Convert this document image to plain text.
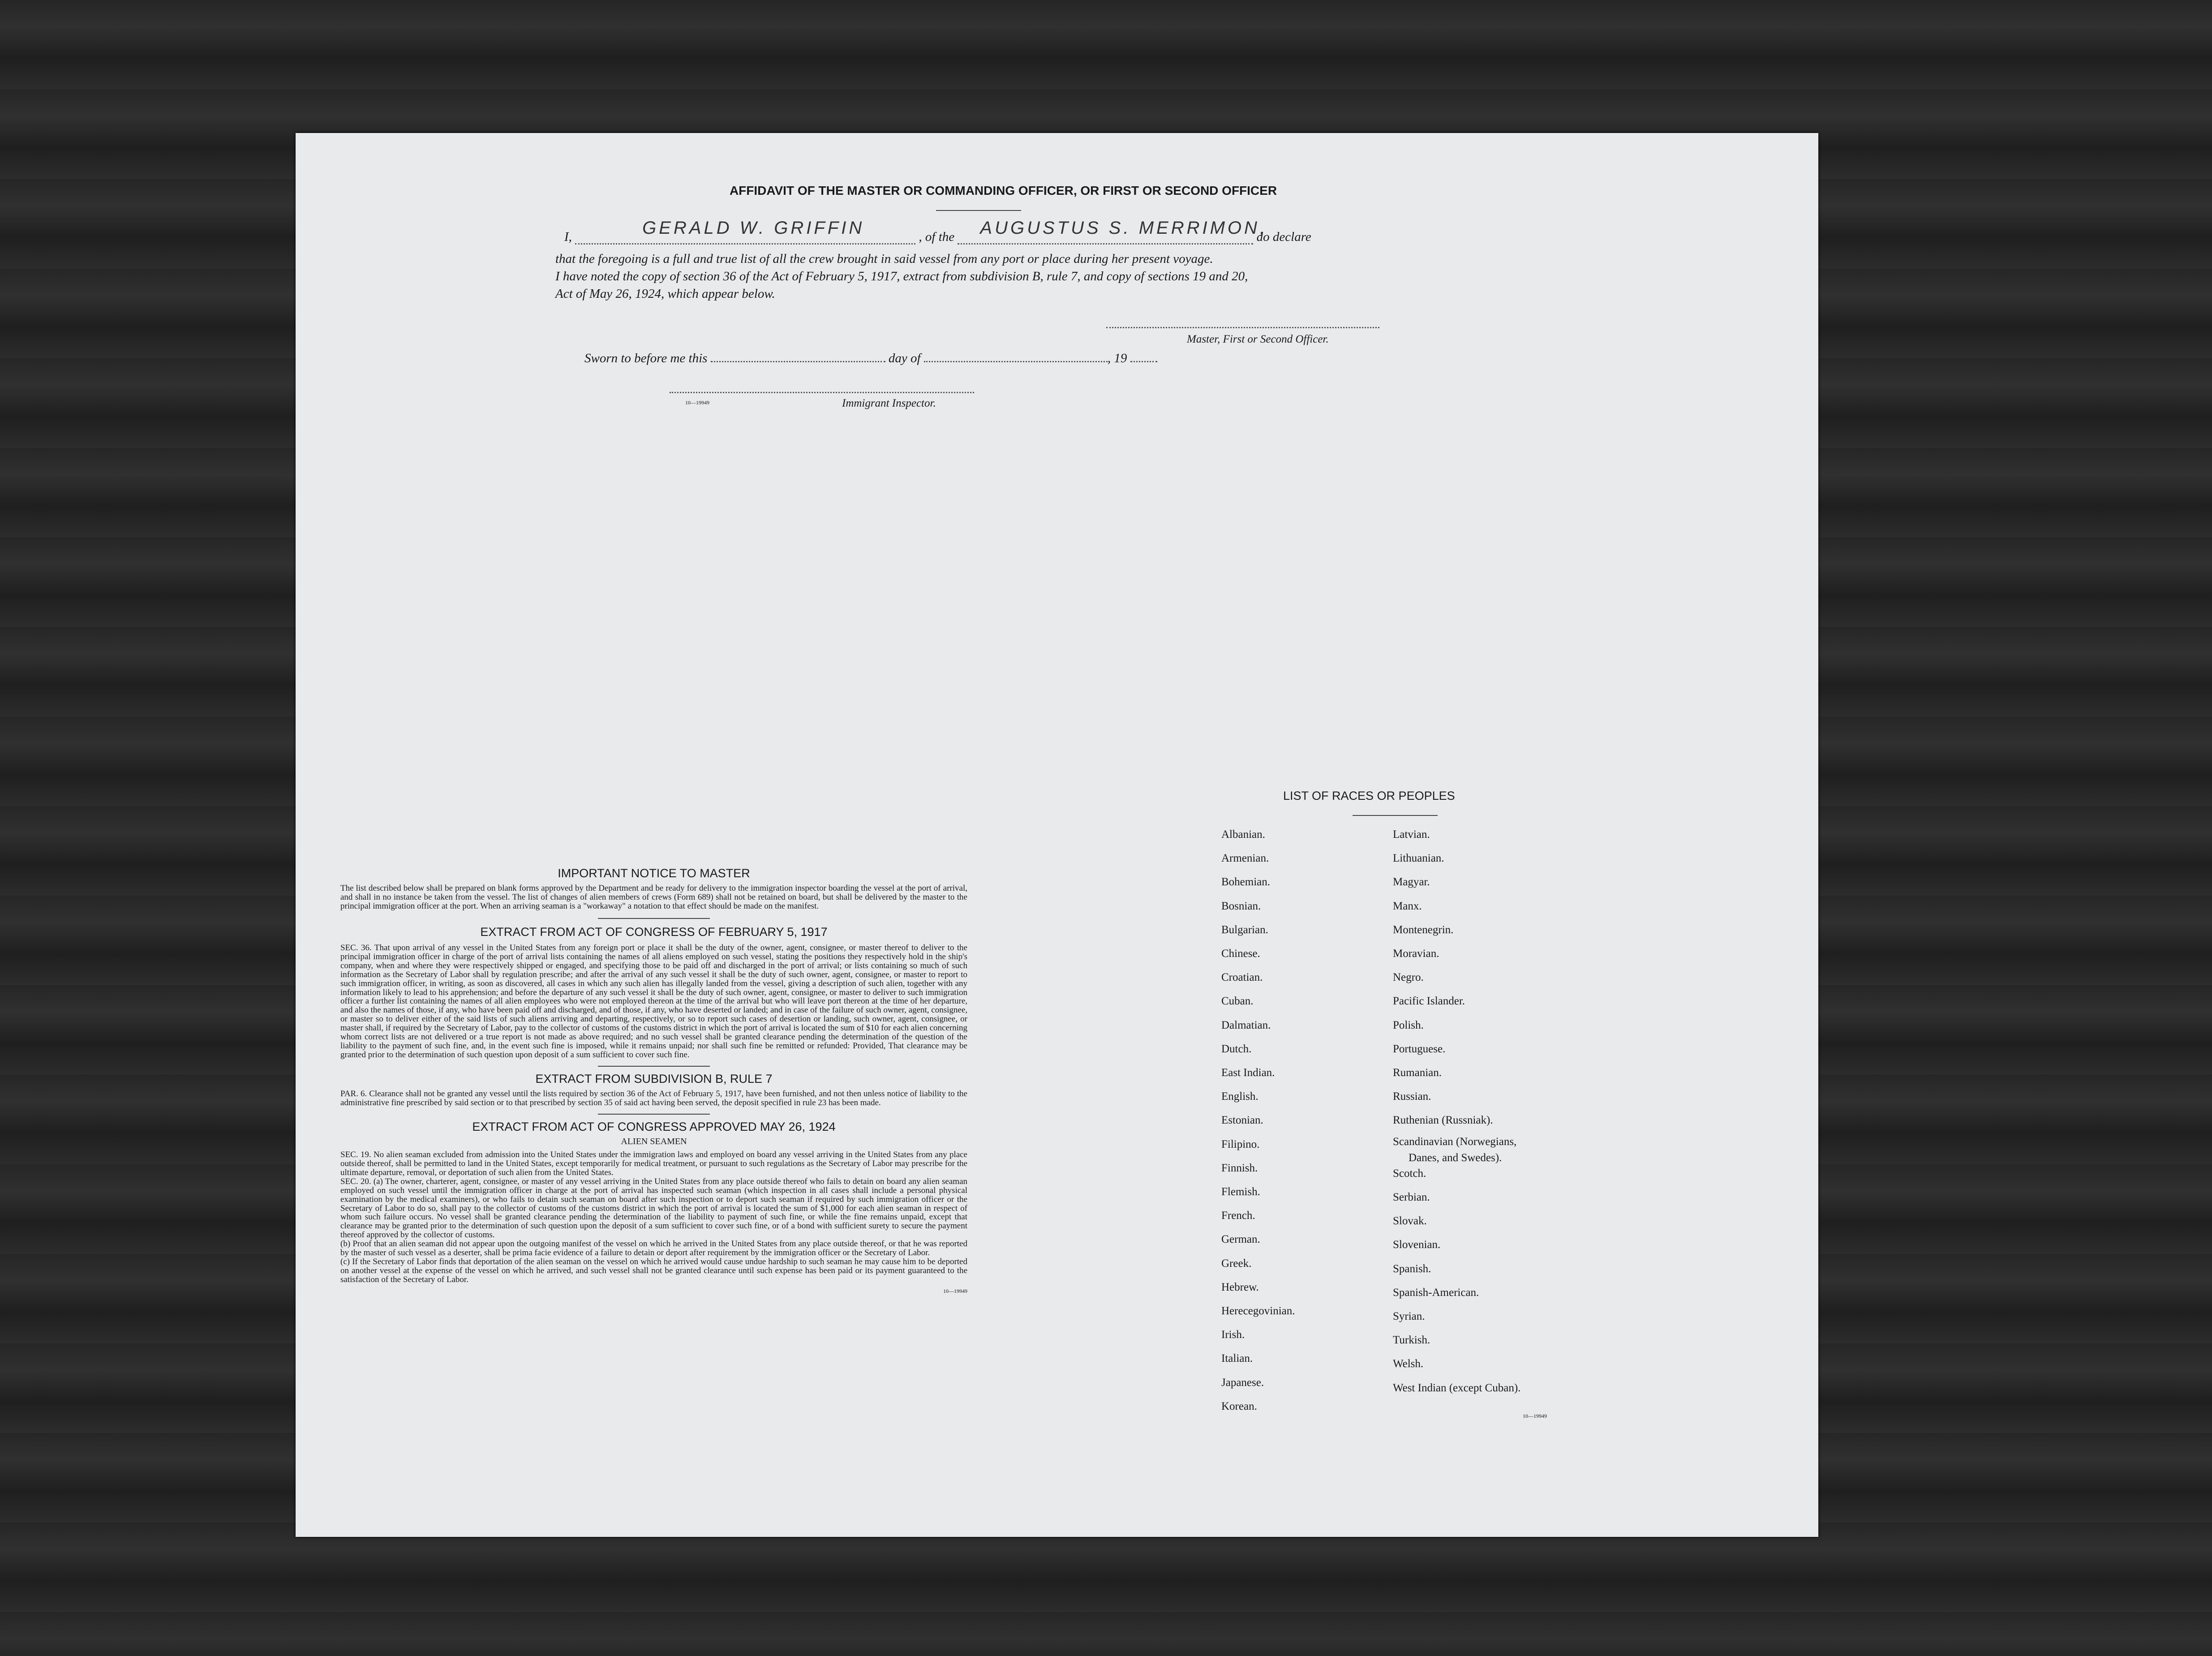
AFFIDAVIT OF THE MASTER OR COMMANDING OFFICER, OR FIRST OR SECOND OFFICER
I,	GERALD W. GRIFFIN	, of the AUGUSTUS S. MERRIMON,
do declare
that the foregoing is a full and true list of all the crew brought in said vessel from any port or place during her present voyage.
I have noted the copy of section 36 of the Act of February 5, 1917, extract from subdivision B, rule 7, and copy of sections 19 and 20,
Act of May 26, 1924, which appear below.
Master, First or Second Officer.
Sworn to before me this	day of	, 19
10—19949	Immigrant Inspector.
IMPORTANT NOTICE TO MASTER

The list described below shall be prepared on blank forms approved by the Department and be ready for delivery to the immigration inspector boarding the vessel at the port of arrival, and shall in no instance be taken from the vessel. The list of changes of alien members of crews (Form 689) shall not be retained on board, but shall be delivered by the master to the principal immigration officer at the port. When an arriving seaman is a "workaway" a notation to that effect should be made on the manifest.

EXTRACT FROM ACT OF CONGRESS OF FEBRUARY 5, 1917

SEC. 36. That upon arrival of any vessel in the United States from any foreign port or place it shall be the duty of the owner, agent, consignee, or master thereof to deliver to the principal immigration officer in charge of the port of arrival lists containing the names of all aliens employed on such vessel, stating the positions they respectively hold in the ship's company, when and where they were respectively shipped or engaged, and specifying those to be paid off and discharged in the port of arrival; or lists containing so much of such information as the Secretary of Labor shall by regulation prescribe; and after the arrival of any such vessel it shall be the duty of such owner, agent, consignee, or master to report to such immigration officer, in writing, as soon as discovered, all cases in which any such alien has illegally landed from the vessel, giving a description of such alien, together with any information likely to lead to his apprehension; and before the departure of any such vessel it shall be the duty of such owner, agent, consignee, or master to deliver to such immigration officer a further list containing the names of all alien employees who were not employed thereon at the time of the arrival but who will leave port thereon at the time of her departure, and also the names of those, if any, who have been paid off and discharged, and of those, if any, who have deserted or landed; and in case of the failure of such owner, agent, consignee, or master so to deliver either of the said lists of such aliens arriving and departing, respectively, or so to report such cases of desertion or landing, such owner, agent, consignee, or master shall, if required by the Secretary of Labor, pay to the collector of customs of the customs district in which the port of arrival is located the sum of $10 for each alien concerning whom correct lists are not delivered or a true report is not made as above required; and no such vessel shall be granted clearance pending the determination of the question of the liability to the payment of such fine, and, in the event such fine is imposed, while it remains unpaid; nor shall such fine be remitted or refunded: Provided, That clearance may be granted prior to the determination of such question upon deposit of a sum sufficient to cover such fine.

EXTRACT FROM SUBDIVISION B, RULE 7

PAR. 6. Clearance shall not be granted any vessel until the lists required by section 36 of the Act of February 5, 1917, have been furnished, and not then unless notice of liability to the administrative fine prescribed by said section or to that prescribed by section 35 of said act having been served, the deposit specified in rule 23 has been made.

EXTRACT FROM ACT OF CONGRESS APPROVED MAY 26, 1924
ALIEN SEAMEN

SEC. 19. No alien seaman excluded from admission into the United States under the immigration laws and employed on board any vessel arriving in the United States from any place outside thereof, shall be permitted to land in the United States, except temporarily for medical treatment, or pursuant to such regulations as the Secretary of Labor may prescribe for the ultimate departure, removal, or deportation of such alien from the United States.

SEC. 20. (a) The owner, charterer, agent, consignee, or master of any vessel arriving in the United States from any place outside thereof who fails to detain on board any alien seaman employed on such vessel until the immigration officer in charge at the port of arrival has inspected such seaman (which inspection in all cases shall include a personal physical examination by the medical examiners), or who fails to detain such seaman on board after such inspection or to deport such seaman if required by such immigration officer or the Secretary of Labor to do so, shall pay to the collector of customs of the customs district in which the port of arrival is located the sum of $1,000 for each alien seaman in respect of whom such failure occurs. No vessel shall be granted clearance pending the determination of the liability to payment of such fine, or while the fine remains unpaid, except that clearance may be granted prior to the determination of such question upon the deposit of a sum sufficient to cover such fine, or of a bond with sufficient surety to secure the payment thereof approved by the collector of customs.

(b) Proof that an alien seaman did not appear upon the outgoing manifest of the vessel on which he arrived in the United States from any place outside thereof, or that he was reported by the master of such vessel as a deserter, shall be prima facie evidence of a failure to detain or deport after requirement by the immigration officer or the Secretary of Labor.

(c) If the Secretary of Labor finds that deportation of the alien seaman on the vessel on which he arrived would cause undue hardship to such seaman he may cause him to be deported on another vessel at the expense of the vessel on which he arrived, and such vessel shall not be granted clearance until such expense has been paid or its payment guaranteed to the satisfaction of the Secretary of Labor.

10—19949
LIST OF RACES OR PEOPLES
10—19949
Albanian.
Armenian.
Bohemian.
Bosnian.
Bulgarian.
Chinese.
Croatian.
Cuban.
Dalmatian.
Dutch.
East Indian.
English.
Estonian.
Filipino.
Finnish.
Flemish.
French.
German.
Greek.
Hebrew.
Herecegovinian.
Irish.
Italian.
Japanese.
Korean.
Latvian.
Lithuanian.
Magyar.
Manx.
Montenegrin.
Moravian.
Negro.
Pacific Islander.
Polish.
Portuguese.
Rumanian.
Russian.
Ruthenian (Russniak).
Scandinavian (Norwegians,
Danes, and Swedes).
Scotch.
Serbian.
Slovak.
Slovenian.
Spanish.
Spanish-American.
Syrian.
Turkish.
Welsh.
West Indian (except Cuban).
